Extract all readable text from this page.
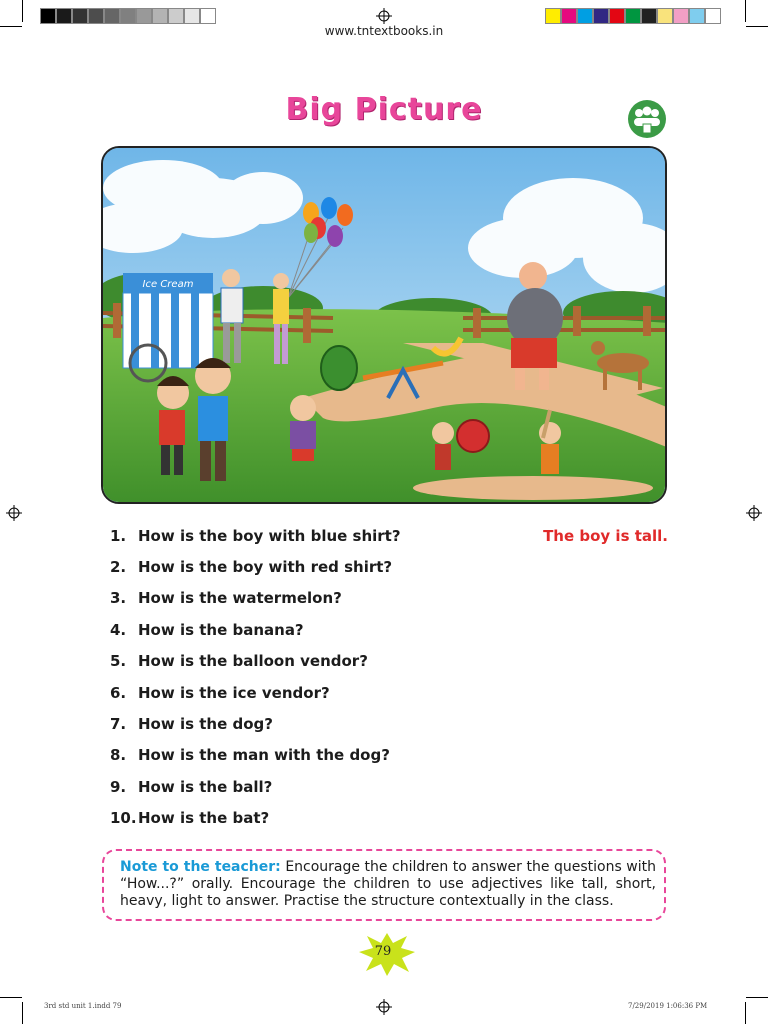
www.tntextbooks.in
Big Picture
Ice Cream
1. How is the boy with blue shirt?	The boy is tall.
2. How is the boy with red shirt?
3. How is the watermelon?
4. How is the banana?
5. How is the balloon vendor?
6. How is the ice vendor?
7. How is the dog?
8. How is the man with the dog?
9. How is the ball?
10. How is the bat?
Note to the teacher: Encourage the children to answer the questions with “How...?” orally. Encourage the children to use adjectives like tall, short, heavy, light to answer. Practise the structure contextually in the class.
79
3rd std unit 1.indd 79	7/29/2019 1:06:36 PM
